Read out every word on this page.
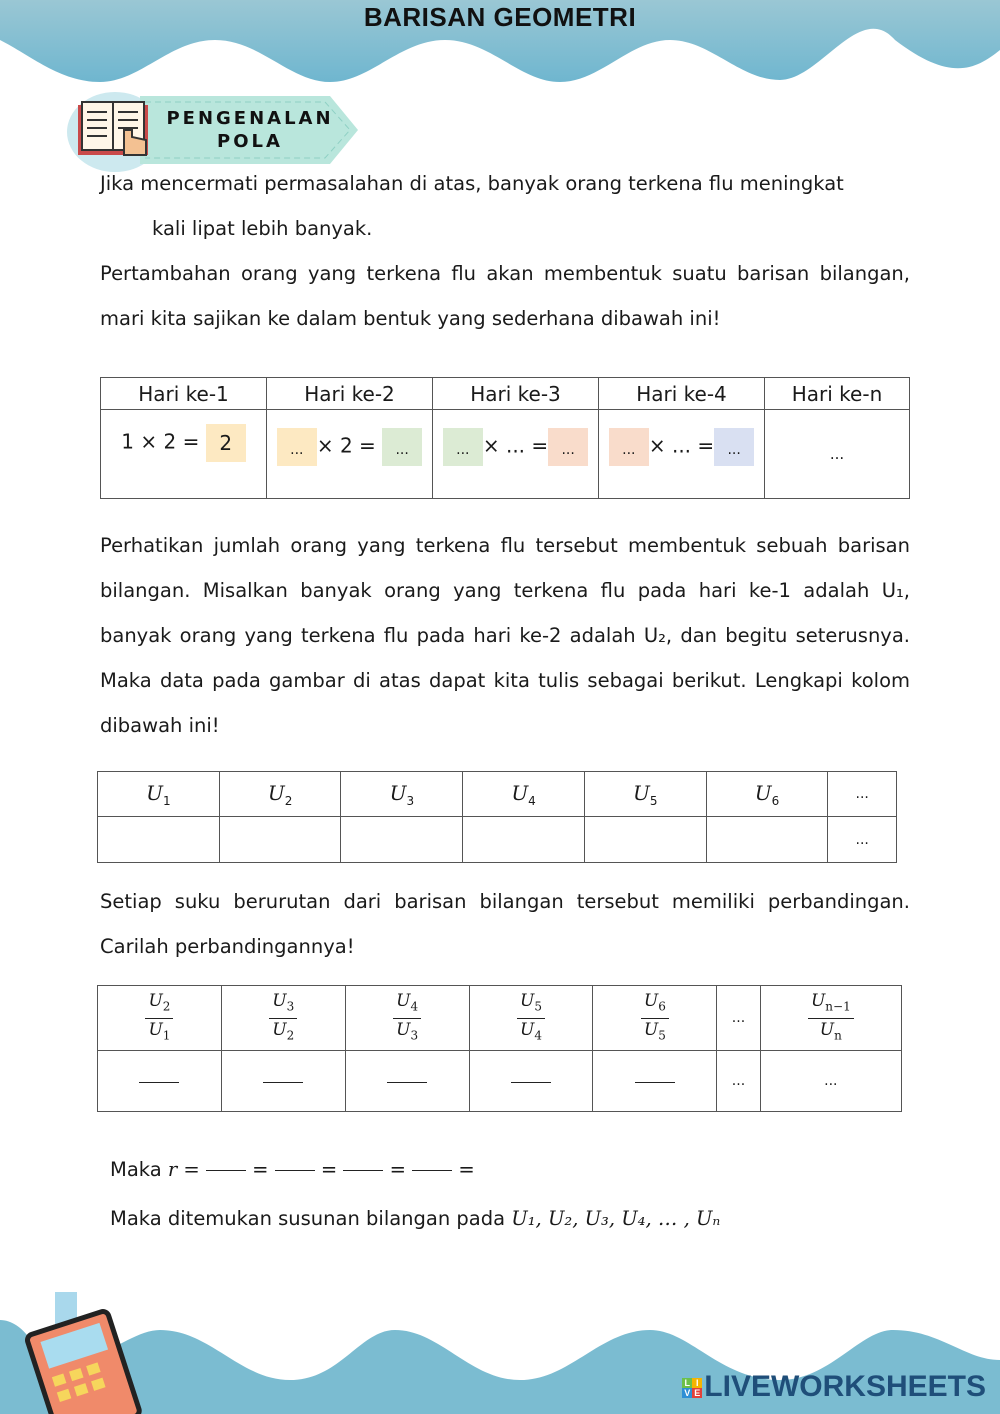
BARISAN GEOMETRI
PENGENALAN
POLA
Jika mencermati permasalahan di atas, banyak orang terkena flu meningkat
kali lipat lebih banyak.
Pertambahan orang yang terkena flu akan membentuk suatu barisan bilangan, mari kita sajikan ke dalam bentuk yang sederhana dibawah ini!
Hari ke-1	Hari ke-2	Hari ke-3	Hari ke-4	Hari ke-n
1 × 2 = 2	... × 2 = ...	... × ... = ...	... × ... = ...	...
Perhatikan jumlah orang yang terkena flu tersebut membentuk sebuah barisan bilangan. Misalkan banyak orang yang terkena flu pada hari ke-1 adalah U₁, banyak orang yang terkena flu pada hari ke-2 adalah U₂, dan begitu seterusnya. Maka data pada gambar di atas dapat kita tulis sebagai berikut. Lengkapi kolom dibawah ini!
$U_1$	$U_2$	$U_3$	$U_4$	$U_5$	$U_6$	...
						...
Setiap suku berurutan dari barisan bilangan tersebut memiliki perbandingan. Carilah perbandingannya!
$\frac{U_2}{U_1}$	$\frac{U_3}{U_2}$	$\frac{U_4}{U_3}$	$\frac{U_5}{U_4}$	$\frac{U_6}{U_5}$	...	$\frac{U_{n-1}}{U_n}$

					...	...
Maka r =	=	=	=	=
Maka ditemukan susunan bilangan pada U₁, U₂, U₃, U₄, … , Uₙ
L I
V E LIVEWORKSHEETS
